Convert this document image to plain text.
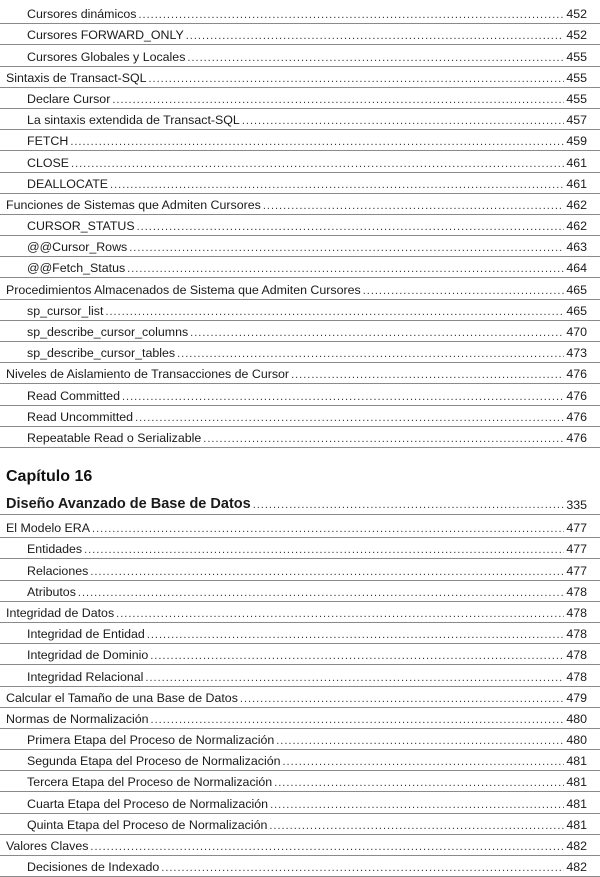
Cursores dinámicos .....	452
Cursores FORWARD_ONLY .....	452
Cursores Globales y Locales .....	455
Sintaxis de Transact-SQL .....	455
Declare Cursor .....	455
La sintaxis extendida de Transact-SQL .....	457
FETCH .....	459
CLOSE .....	461
DEALLOCATE .....	461
Funciones de Sistemas que Admiten Cursores .....	462
CURSOR_STATUS .....	462
@@Cursor_Rows .....	463
@@Fetch_Status .....	464
Procedimientos Almacenados de Sistema que Admiten Cursores .....	465
sp_cursor_list .....	465
sp_describe_cursor_columns .....	470
sp_describe_cursor_tables .....	473
Niveles de Aislamiento de Transacciones de Cursor .....	476
Read Committed .....	476
Read Uncommitted .....	476
Repeatable Read o Serializable .....	476
Capítulo 16
Diseño Avanzado de Base de Datos .....	335
El Modelo ERA .....	477
Entidades .....	477
Relaciones .....	477
Atributos .....	478
Integridad de Datos .....	478
Integridad de Entidad .....	478
Integridad de Dominio .....	478
Integridad Relacional .....	478
Calcular el Tamaño de una Base de Datos .....	479
Normas de Normalización .....	480
Primera Etapa del Proceso de Normalización .....	480
Segunda Etapa del Proceso de Normalización .....	481
Tercera Etapa del Proceso de Normalización .....	481
Cuarta Etapa del Proceso de Normalización .....	481
Quinta Etapa del Proceso de Normalización .....	481
Valores Claves .....	482
Decisiones de Indexado .....	482
